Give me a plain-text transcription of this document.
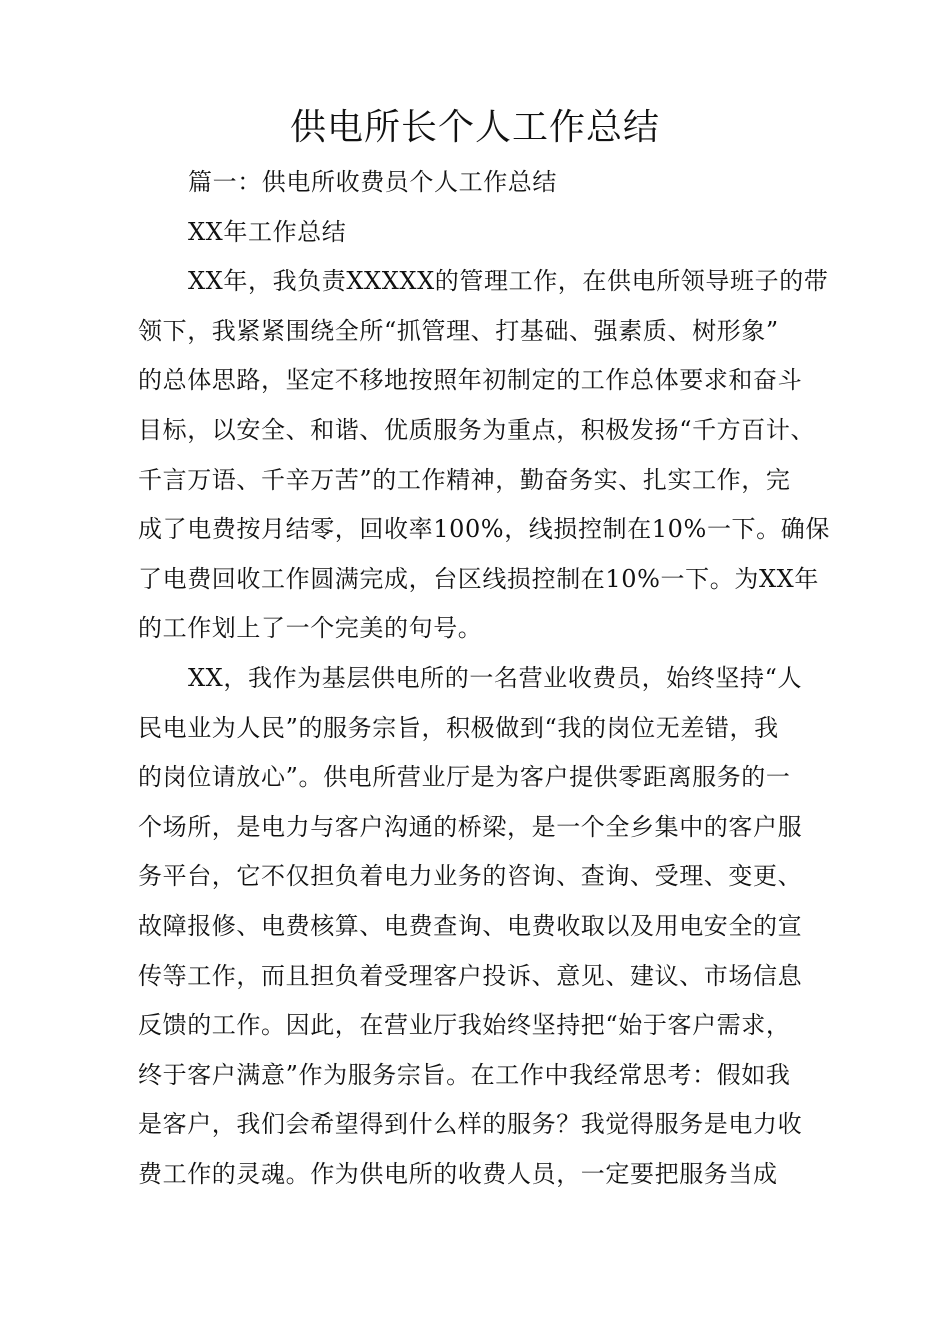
供电所长个人工作总结
篇一：供电所收费员个人工作总结
XX年工作总结
XX年，我负责XXXXX的管理工作，在供电所领导班子的带
领下，我紧紧围绕全所“抓管理、打基础、强素质、树形象”
的总体思路，坚定不移地按照年初制定的工作总体要求和奋斗
目标，以安全、和谐、优质服务为重点，积极发扬“千方百计、
千言万语、千辛万苦”的工作精神，勤奋务实、扎实工作，完
成了电费按月结零，回收率100%，线损控制在10%一下。确保
了电费回收工作圆满完成，台区线损控制在10%一下。为XX年
的工作划上了一个完美的句号。
XX，我作为基层供电所的一名营业收费员，始终坚持“人
民电业为人民”的服务宗旨，积极做到“我的岗位无差错，我
的岗位请放心”。供电所营业厅是为客户提供零距离服务的一
个场所，是电力与客户沟通的桥梁，是一个全乡集中的客户服
务平台，它不仅担负着电力业务的咨询、查询、受理、变更、
故障报修、电费核算、电费查询、电费收取以及用电安全的宣
传等工作，而且担负着受理客户投诉、意见、建议、市场信息
反馈的工作。因此，在营业厅我始终坚持把“始于客户需求，
终于客户满意”作为服务宗旨。在工作中我经常思考：假如我
是客户，我们会希望得到什么样的服务？我觉得服务是电力收
费工作的灵魂。作为供电所的收费人员，一定要把服务当成
